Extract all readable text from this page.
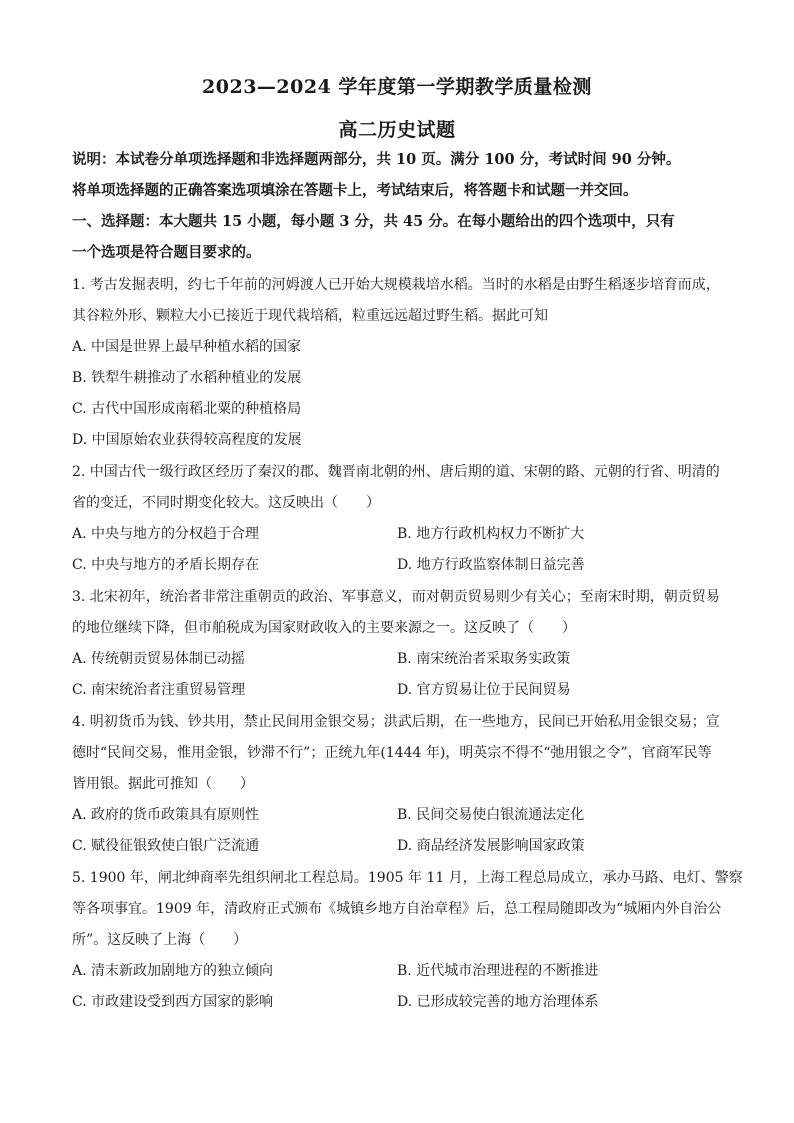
2023—2024 学年度第一学期教学质量检测
高二历史试题
说明：本试卷分单项选择题和非选择题两部分，共 10 页。满分 100 分，考试时间 90 分钟。
将单项选择题的正确答案选项填涂在答题卡上，考试结束后，将答题卡和试题一并交回。
一、选择题：本大题共 15 小题，每小题 3 分，共 45 分。在每小题给出的四个选项中，只有
一个选项是符合题目要求的。
1. 考古发掘表明，约七千年前的河姆渡人已开始大规模栽培水稻。当时的水稻是由野生稻逐步培育而成，
其谷粒外形、颗粒大小已接近于现代栽培稻，粒重远远超过野生稻。据此可知
A. 中国是世界上最早种植水稻的国家
B. 铁犁牛耕推动了水稻种植业的发展
C. 古代中国形成南稻北粟的种植格局
D. 中国原始农业获得较高程度的发展
2. 中国古代一级行政区经历了秦汉的郡、魏晋南北朝的州、唐后期的道、宋朝的路、元朝的行省、明清的
省的变迁，不同时期变化较大。这反映出（　　）
A. 中央与地方的分权趋于合理	B. 地方行政机构权力不断扩大
C. 中央与地方的矛盾长期存在	D. 地方行政监察体制日益完善
3. 北宋初年，统治者非常注重朝贡的政治、军事意义，而对朝贡贸易则少有关心；至南宋时期，朝贡贸易
的地位继续下降，但市舶税成为国家财政收入的主要来源之一。这反映了（　　）
A. 传统朝贡贸易体制已动摇	B. 南宋统治者采取务实政策
C. 南宋统治者注重贸易管理	D. 官方贸易让位于民间贸易
4. 明初货币为钱、钞共用，禁止民间用金银交易；洪武后期，在一些地方，民间已开始私用金银交易；宣
德时“民间交易，惟用金银，钞滞不行”；正统九年(1444 年)，明英宗不得不“弛用银之令”，官商军民等
皆用银。据此可推知（　　）
A. 政府的货币政策具有原则性	B. 民间交易使白银流通法定化
C. 赋役征银致使白银广泛流通	D. 商品经济发展影响国家政策
5. 1900 年，闸北绅商率先组织闸北工程总局。1905 年 11 月，上海工程总局成立，承办马路、电灯、警察
等各项事宜。1909 年，清政府正式颁布《城镇乡地方自治章程》后，总工程局随即改为“城厢内外自治公
所”。这反映了上海（　　）
A. 清末新政加剧地方的独立倾向	B. 近代城市治理进程的不断推进
C. 市政建设受到西方国家的影响	D. 已形成较完善的地方治理体系
